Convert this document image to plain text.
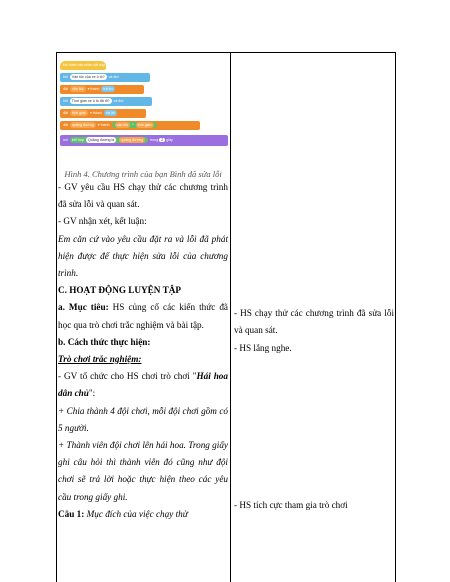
khi nhấn vào nhân vật này
hỏi Vận tốc của xe ô tô? và đợi
đặt vận tốc ▾ thành trả lời
hỏi Thời gian xe ô tô đã đi? và đợi
đặt thời gian ▾ thành trả lời
đặt quãng đường ▾ thành vận tốc * thời gian
nói kết hợp Quãng đường là quãng đường trong 2 giây
Hình 4. Chương trình của bạn Bình đã sửa lỗi

- GV yêu cầu HS chạy thử các chương trình đã sửa lỗi và quan sát.

- GV nhận xét, kết luận:

Em căn cứ vào yêu cầu đặt ra và lỗi đã phát hiện được để thực hiện sửa lỗi của chương trình.

C. HOẠT ĐỘNG LUYỆN TẬP

a. Mục tiêu: HS củng cố các kiến thức đã học qua trò chơi trắc nghiệm và bài tập.

b. Cách thức thực hiện:

Trò chơi trắc nghiệm:

- GV tổ chức cho HS chơi trò chơi "Hái hoa dân chủ":

+ Chia thành 4 đội chơi, mỗi đội chơi gồm có 5 người.

+ Thành viên đội chơi lên hái hoa. Trong giấy ghi câu hỏi thì thành viên đó cũng như đội chơi sẽ trả lời hoặc thực hiện theo các yêu cầu trong giấy ghi.

Câu 1: Mục đích của việc chạy thử

- HS chạy thử các chương trình đã sửa lỗi và quan sát.

- HS lắng nghe.

- HS tích cực tham gia trò chơi
